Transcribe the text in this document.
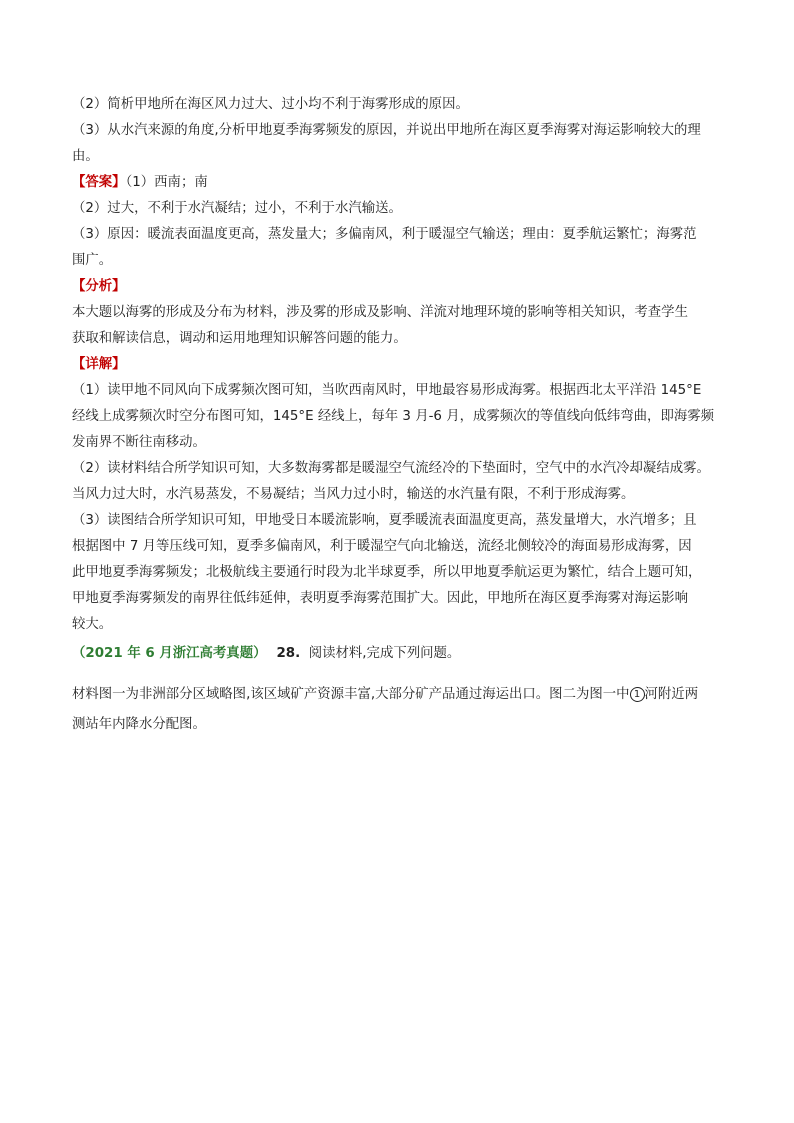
（2）简析甲地所在海区风力过大、过小均不利于海雾形成的原因。

（3）从水汽来源的角度,分析甲地夏季海雾频发的原因，并说出甲地所在海区夏季海雾对海运影响较大的理

由。

【答案】（1）西南；南

（2）过大，不利于水汽凝结；过小，不利于水汽输送。

（3）原因：暖流表面温度更高，蒸发量大；多偏南风，利于暖湿空气输送；理由：夏季航运繁忙；海雾范

围广。

【分析】

本大题以海雾的形成及分布为材料，涉及雾的形成及影响、洋流对地理环境的影响等相关知识，考查学生

获取和解读信息，调动和运用地理知识解答问题的能力。

【详解】

（1）读甲地不同风向下成雾频次图可知，当吹西南风时，甲地最容易形成海雾。根据西北太平洋沿 145°E

经线上成雾频次时空分布图可知，145°E 经线上，每年 3 月-6 月，成雾频次的等值线向低纬弯曲，即海雾频

发南界不断往南移动。

（2）读材料结合所学知识可知，大多数海雾都是暖湿空气流经冷的下垫面时，空气中的水汽冷却凝结成雾。

当风力过大时，水汽易蒸发，不易凝结；当风力过小时，输送的水汽量有限，不利于形成海雾。

（3）读图结合所学知识可知，甲地受日本暖流影响，夏季暖流表面温度更高，蒸发量增大，水汽增多；且

根据图中 7 月等压线可知，夏季多偏南风，利于暖湿空气向北输送，流经北侧较冷的海面易形成海雾，因

此甲地夏季海雾频发；北极航线主要通行时段为北半球夏季，所以甲地夏季航运更为繁忙，结合上题可知，

甲地夏季海雾频发的南界往低纬延伸，表明夏季海雾范围扩大。因此，甲地所在海区夏季海雾对海运影响

较大。

（2021 年 6 月浙江高考真题） 28. 阅读材料,完成下列问题。

材料图一为非洲部分区域略图,该区域矿产资源丰富,大部分矿产品通过海运出口。图二为图一中 1 河附近两
测站年内降水分配图。
